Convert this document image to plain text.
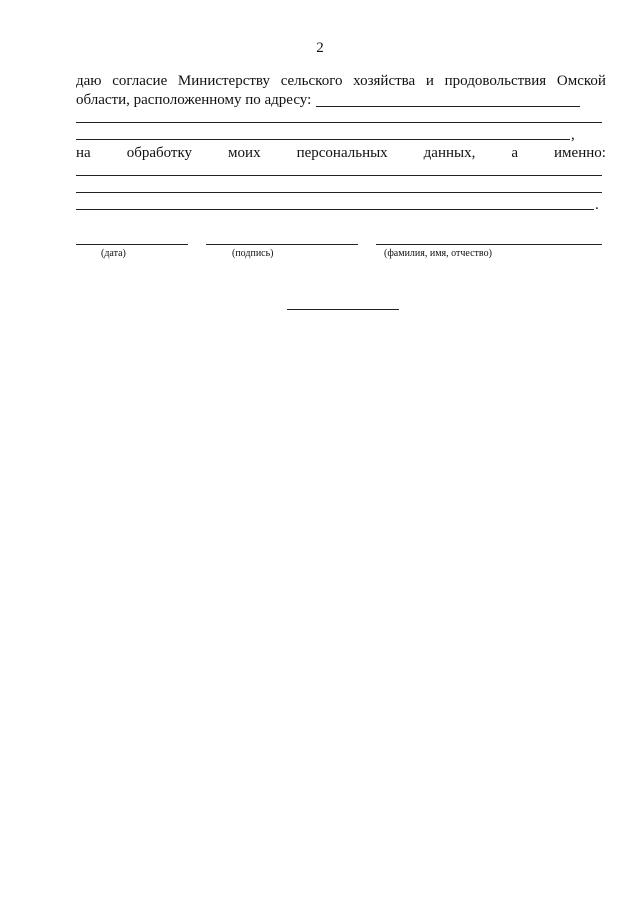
2
даю согласие Министерству сельского хозяйства и продовольствия Омской
области, расположенному по адресу:
,
на обработку моих персональных данных, а именно:
.
(дата)	(подпись)	(фамилия, имя, отчество)
